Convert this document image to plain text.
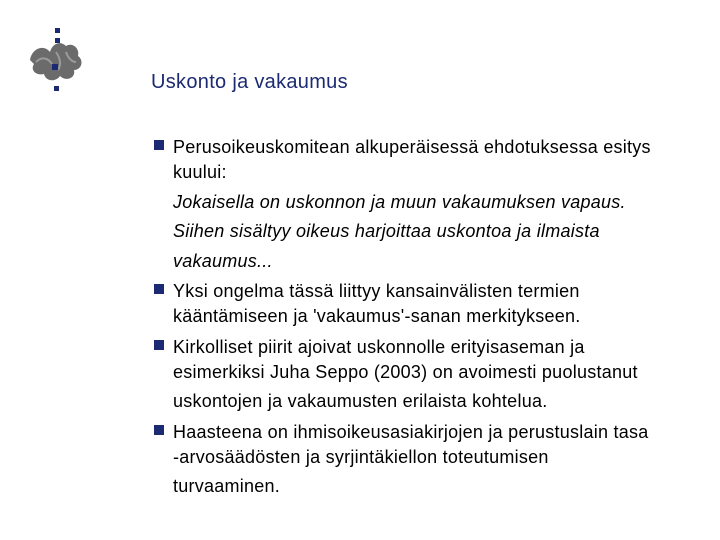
Uskonto ja vakaumus
Perusoikeuskomitean alkuperäisessä ehdotuksessa esitys
kuului:
Jokaisella on uskonnon ja muun vakaumuksen vapaus.
Siihen sisältyy oikeus harjoittaa uskontoa ja ilmaista
vakaumus...
Yksi ongelma tässä liittyy kansainvälisten termien
kääntämiseen ja 'vakaumus'-sanan merkitykseen.
Kirkolliset piirit ajoivat uskonnolle erityisaseman ja
esimerkiksi Juha Seppo (2003) on avoimesti puolustanut
uskontojen ja vakaumusten erilaista kohtelua.
Haasteena on ihmisoikeusasiakirjojen ja perustuslain tasa
-arvosäädösten ja syrjintäkiellon toteutumisen
turvaaminen.
